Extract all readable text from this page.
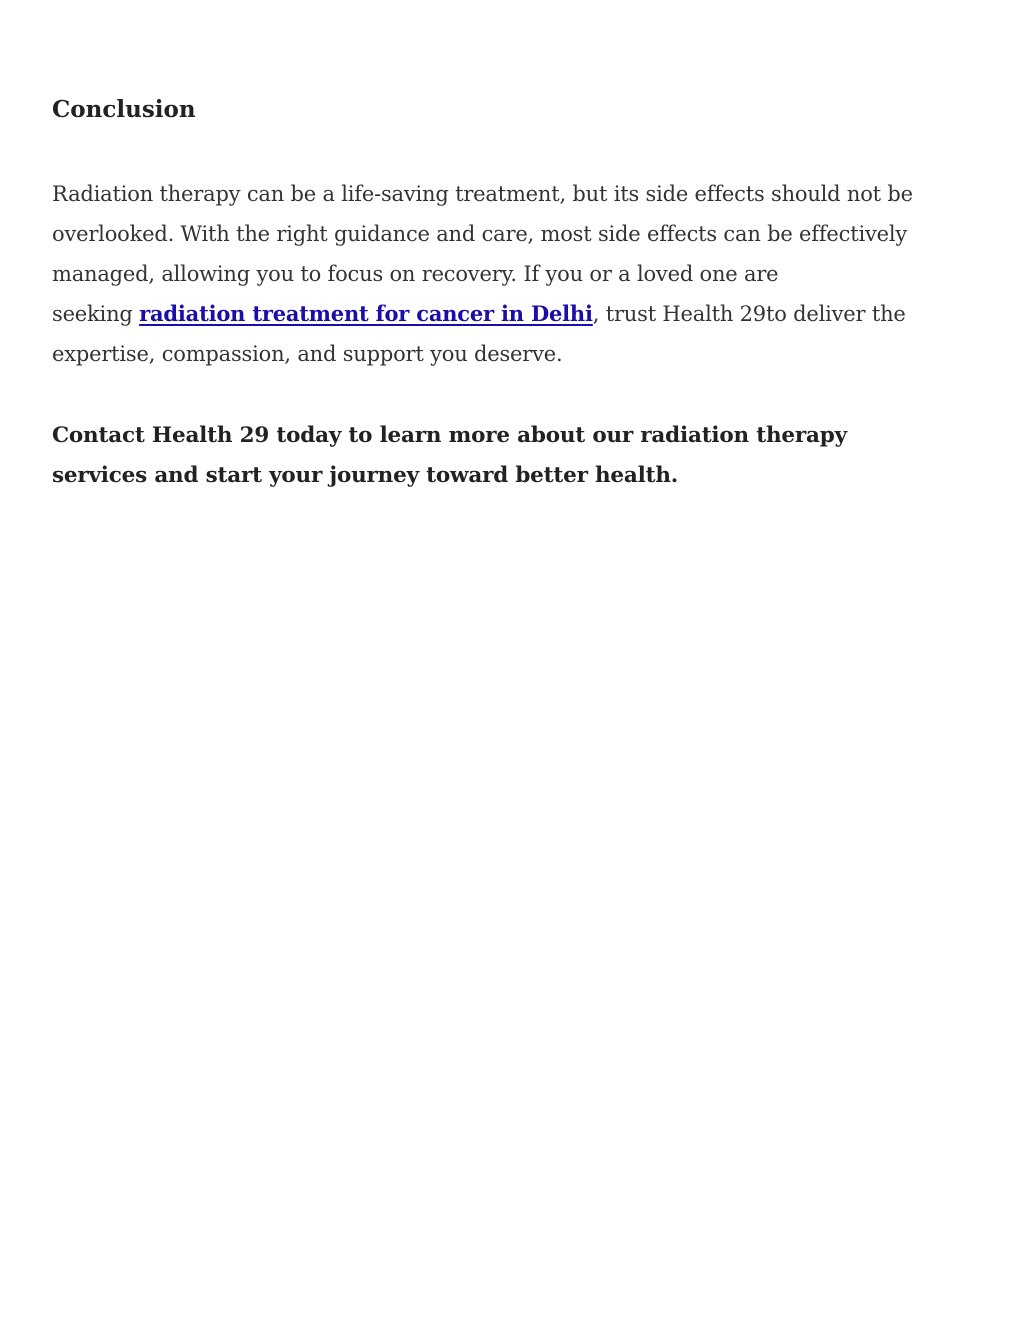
Conclusion

Radiation therapy can be a life-saving treatment, but its side effects should not be
overlooked. With the right guidance and care, most side effects can be effectively
managed, allowing you to focus on recovery. If you or a loved one are
seeking radiation treatment for cancer in Delhi, trust Health 29to deliver the
expertise, compassion, and support you deserve.

Contact Health 29 today to learn more about our radiation therapy
services and start your journey toward better health.
